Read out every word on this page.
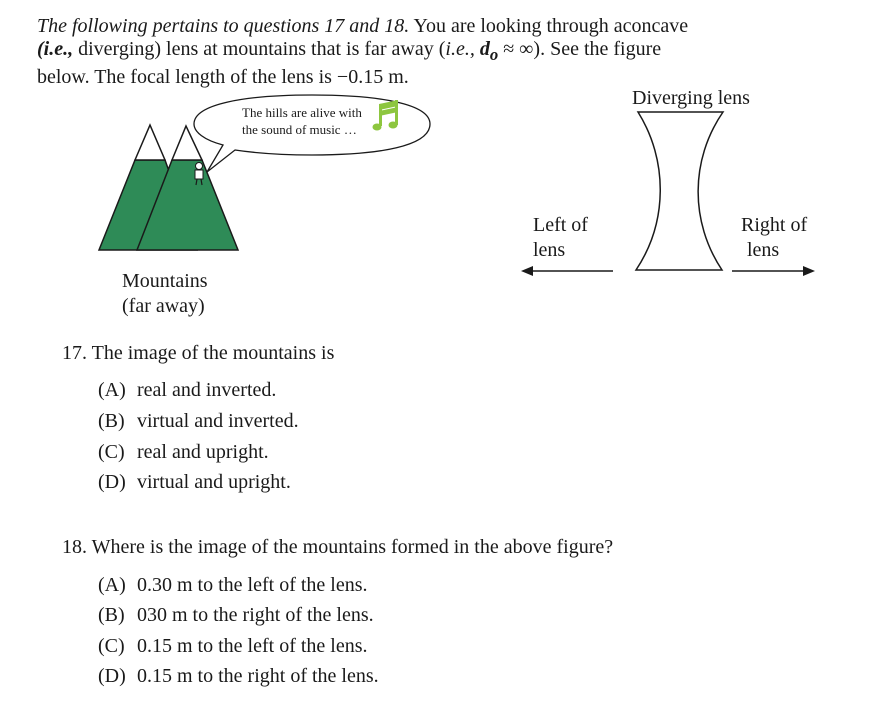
The following pertains to questions 17 and 18. You are looking through aconcave
(i.e., diverging) lens at mountains that is far away (i.e., $d_o$ ≈ ∞). See the figure
below. The focal length of the lens is −0.15 m.
The hills are alive with
the sound of music …
Mountains
(far away)
Diverging lens
Left of
lens
Right of
lens
17. The image of the mountains is
(A) real and inverted.
(B) virtual and inverted.
(C) real and upright.
(D) virtual and upright.
18. Where is the image of the mountains formed in the above figure?
(A) 0.30 m to the left of the lens.
(B) 030 m to the right of the lens.
(C) 0.15 m to the left of the lens.
(D) 0.15 m to the right of the lens.
